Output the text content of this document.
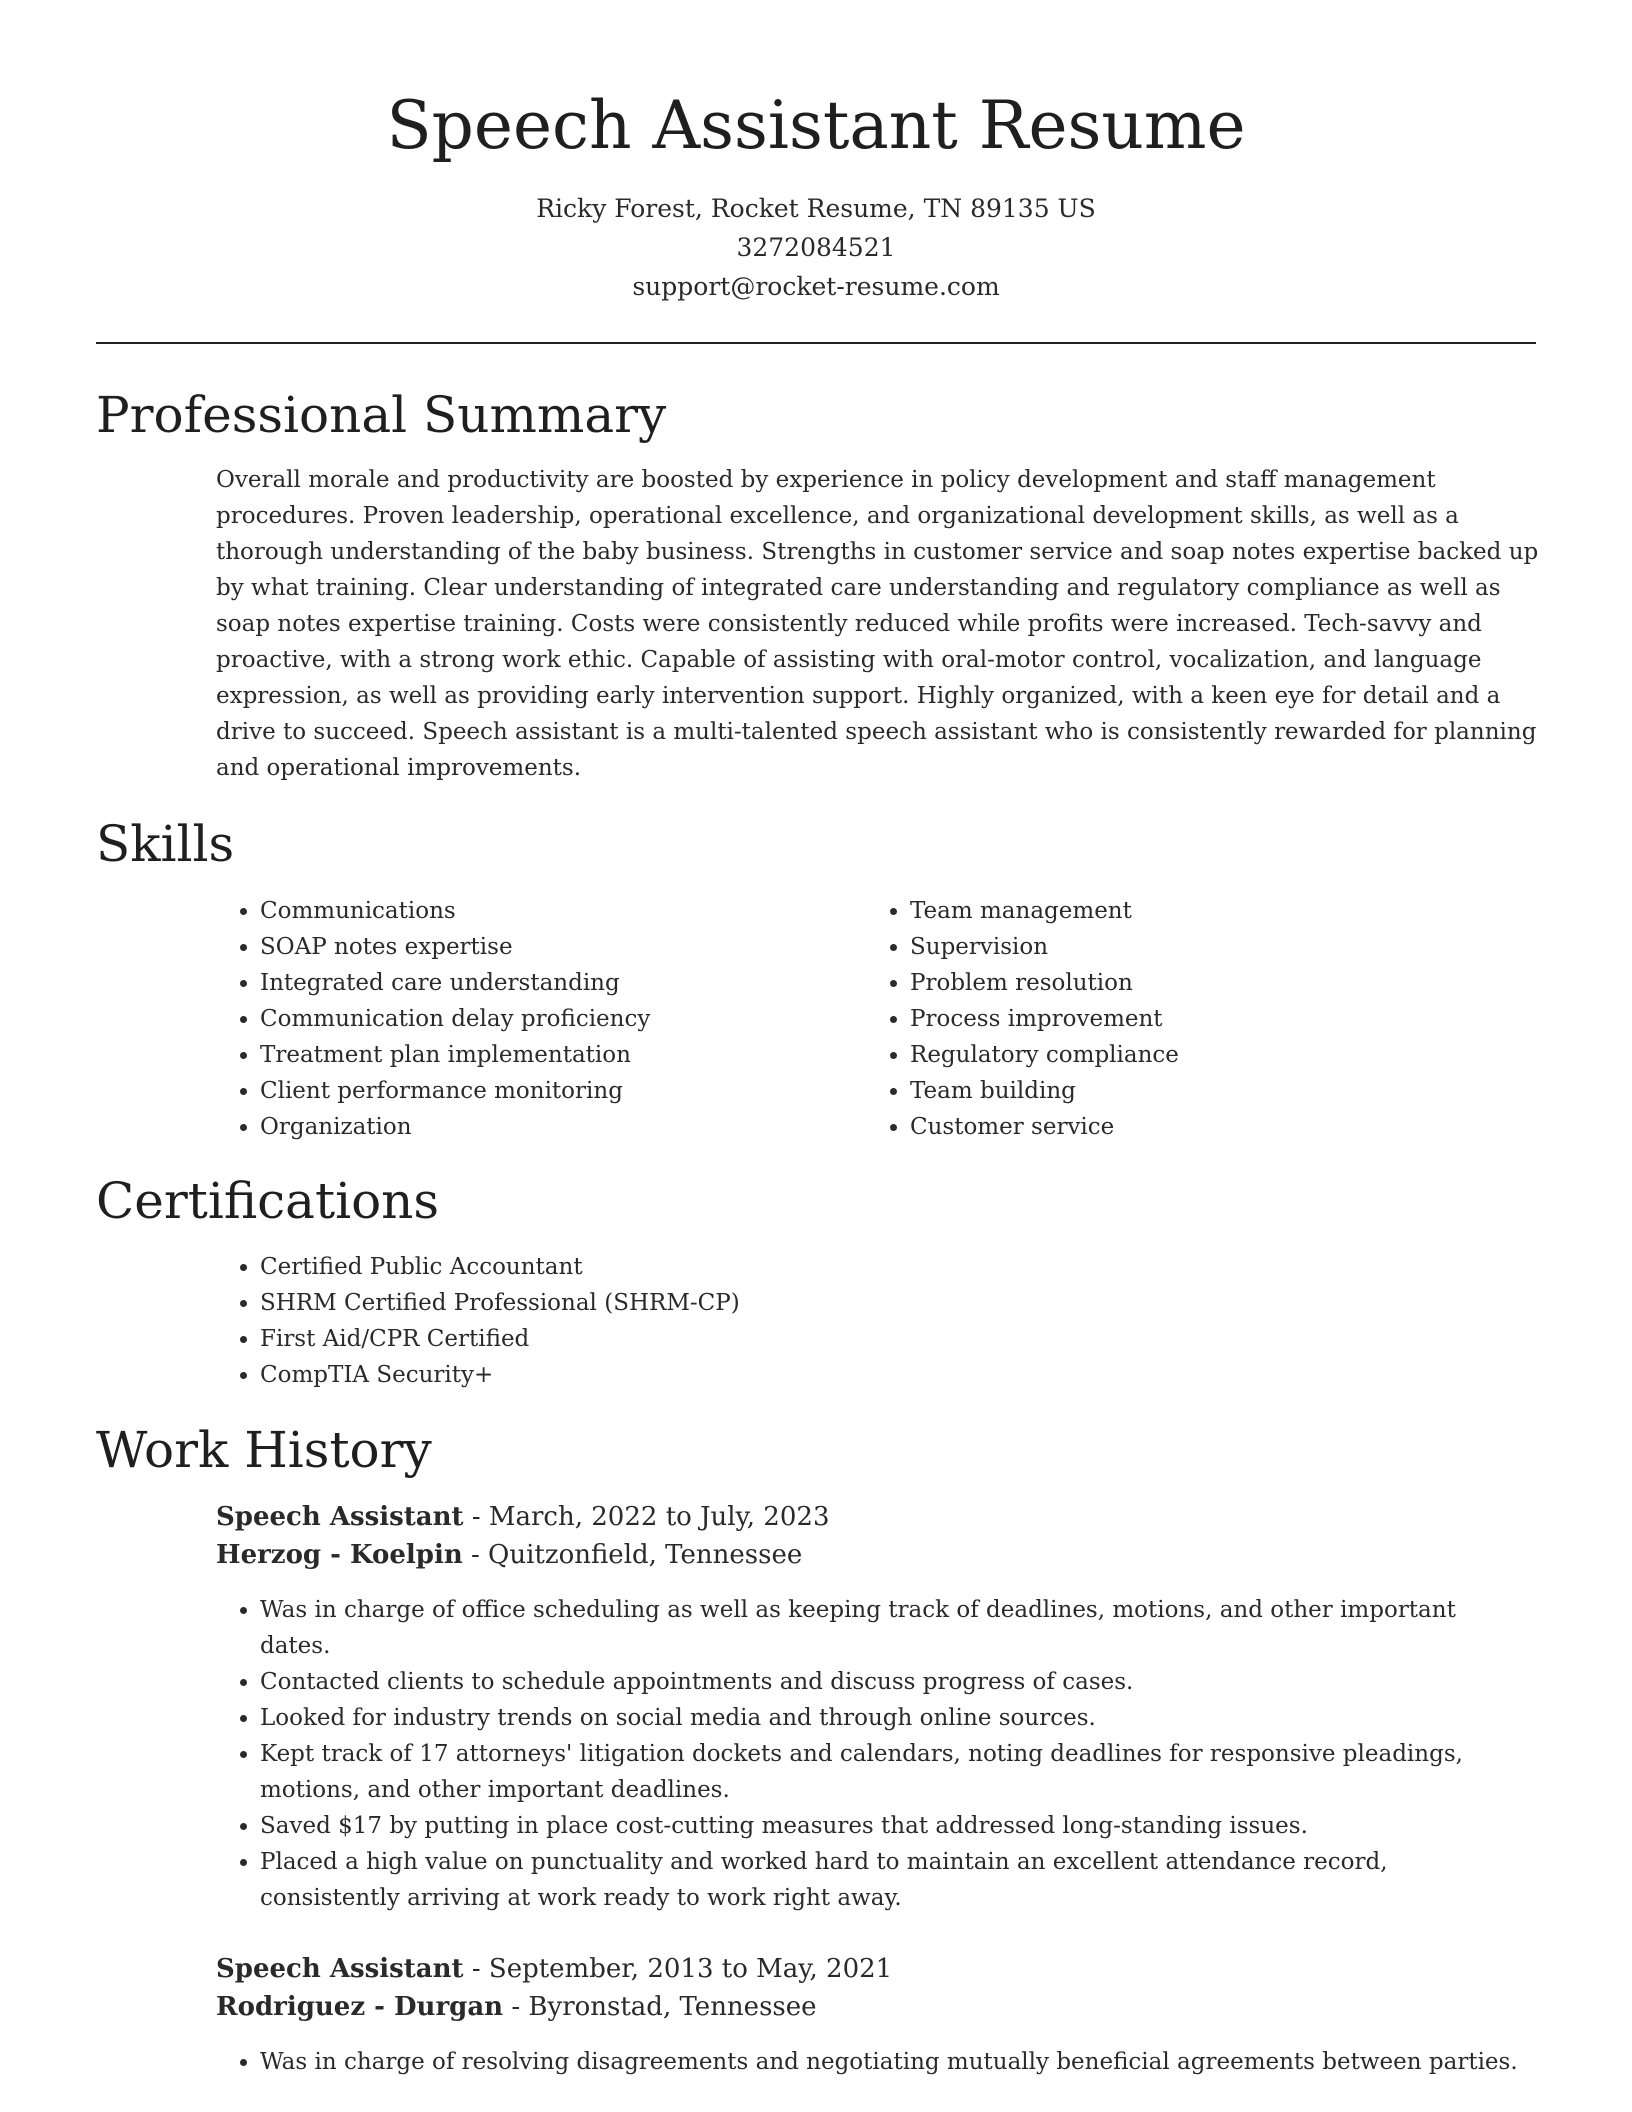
Speech Assistant Resume
Ricky Forest, Rocket Resume, TN 89135 US
3272084521
support@rocket-resume.com
Professional Summary

Overall morale and productivity are boosted by experience in policy development and staff management procedures. Proven leadership, operational excellence, and organizational development skills, as well as a thorough understanding of the baby business. Strengths in customer service and soap notes expertise backed up by what training. Clear understanding of integrated care understanding and regulatory compliance as well as soap notes expertise training. Costs were consistently reduced while profits were increased. Tech-savvy and proactive, with a strong work ethic. Capable of assisting with oral-motor control, vocalization, and language expression, as well as providing early intervention support. Highly organized, with a keen eye for detail and a drive to succeed. Speech assistant is a multi-talented speech assistant who is consistently rewarded for planning and operational improvements.

Skills
• Communications
• SOAP notes expertise
• Integrated care understanding
• Communication delay proficiency
• Treatment plan implementation
• Client performance monitoring
• Organization
• Team management
• Supervision
• Problem resolution
• Process improvement
• Regulatory compliance
• Team building
• Customer service
Certifications
• Certified Public Accountant
• SHRM Certified Professional (SHRM-CP)
• First Aid/CPR Certified
• CompTIA Security+
Work History
Speech Assistant - March, 2022 to July, 2023
Herzog - Koelpin - Quitzonfield, Tennessee
• Was in charge of office scheduling as well as keeping track of deadlines, motions, and other important dates.
• Contacted clients to schedule appointments and discuss progress of cases.
• Looked for industry trends on social media and through online sources.
• Kept track of 17 attorneys' litigation dockets and calendars, noting deadlines for responsive pleadings, motions, and other important deadlines.
• Saved $17 by putting in place cost-cutting measures that addressed long-standing issues.
• Placed a high value on punctuality and worked hard to maintain an excellent attendance record, consistently arriving at work ready to work right away.
Speech Assistant - September, 2013 to May, 2021
Rodriguez - Durgan - Byronstad, Tennessee
• Was in charge of resolving disagreements and negotiating mutually beneficial agreements between parties.
